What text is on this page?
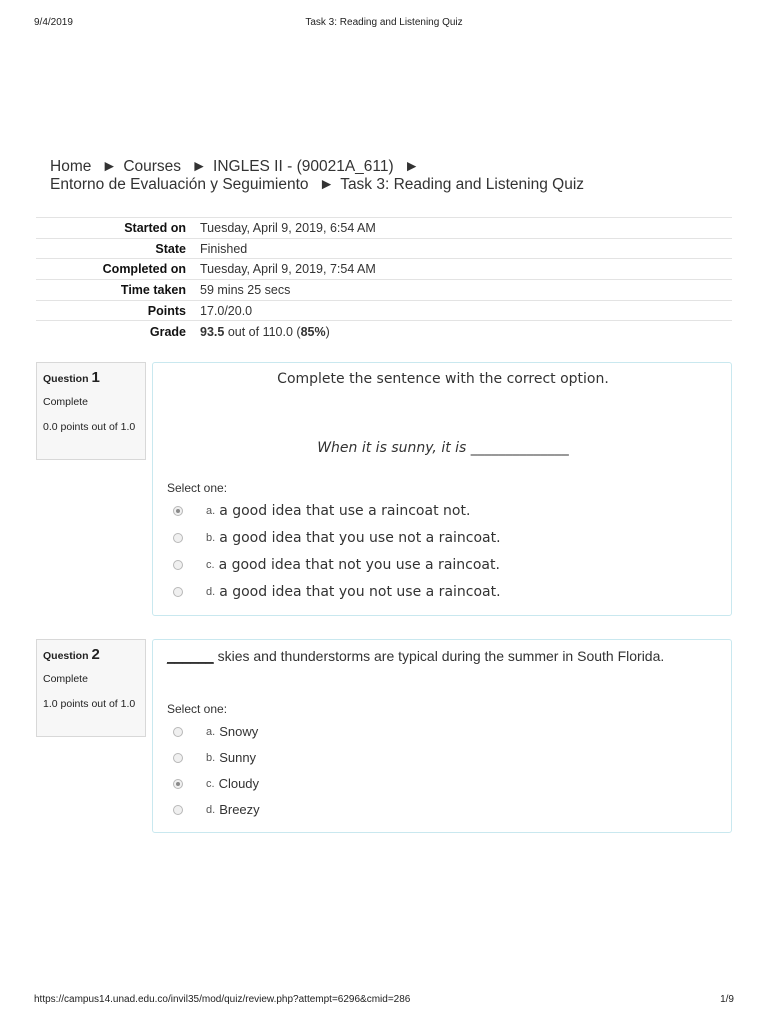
9/4/2019	Task 3: Reading and Listening Quiz
Home ► Courses ► INGLES II - (90021A_611) ►
Entorno de Evaluación y Seguimiento ► Task 3: Reading and Listening Quiz
Started on	Tuesday, April 9, 2019, 6:54 AM
State	Finished
Completed on	Tuesday, April 9, 2019, 7:54 AM
Time taken	59 mins 25 secs
Points	17.0/20.0
Grade	93.5 out of 110.0 (85%)
Question 1
Complete
0.0 points out of 1.0
Complete the sentence with the correct option.
When it is sunny, it is ______________
Select one:
a. a good idea that use a raincoat not.
b. a good idea that you use not a raincoat.
c. a good idea that not you use a raincoat.
d. a good idea that you not use a raincoat.
Question 2
Complete
1.0 points out of 1.0
______ skies and thunderstorms are typical during the summer in South Florida.
Select one:
a. Snowy
b. Sunny
c. Cloudy
d. Breezy
https://campus14.unad.edu.co/invil35/mod/quiz/review.php?attempt=6296&cmid=286	1/9
